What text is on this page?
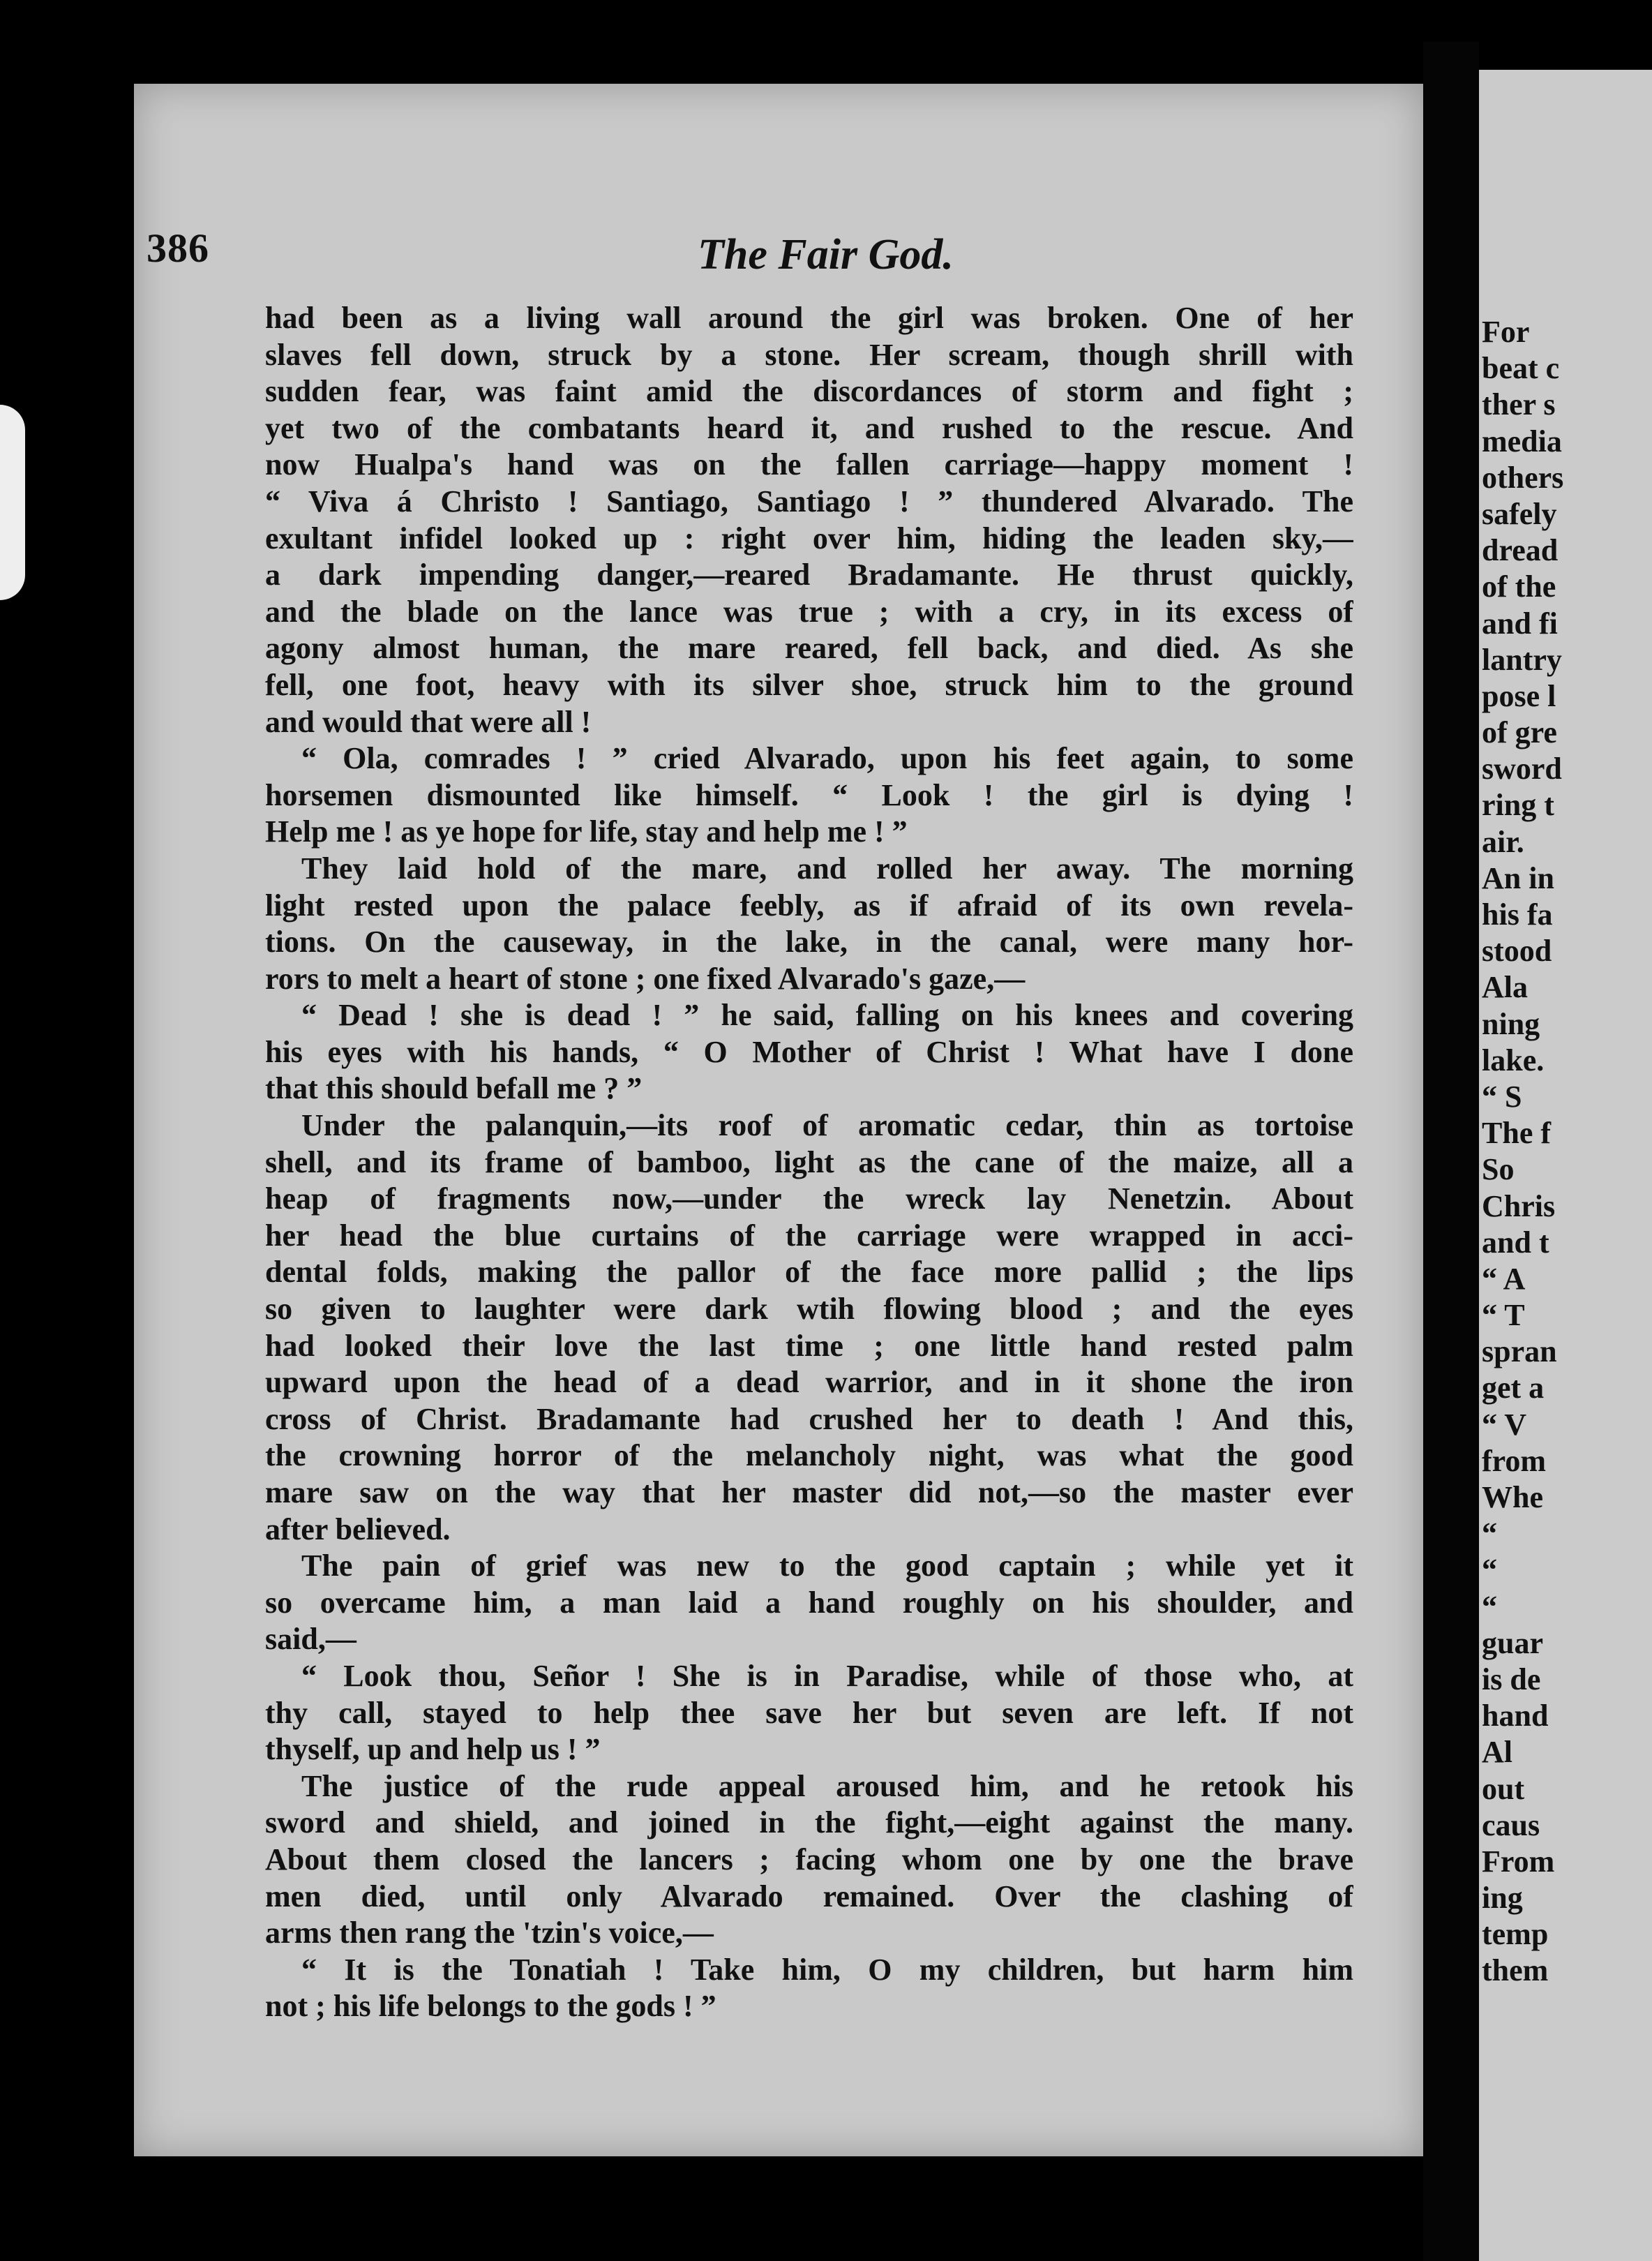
386	The Fair God.
had been as a living wall around the girl was broken. One of her
slaves fell down, struck by a stone. Her scream, though shrill with
sudden fear, was faint amid the discordances of storm and fight ;
yet two of the combatants heard it, and rushed to the rescue. And
now Hualpa's hand was on the fallen carriage—happy moment !
“ Viva á Christo ! Santiago, Santiago ! ” thundered Alvarado. The
exultant infidel looked up : right over him, hiding the leaden sky,—
a dark impending danger,—reared Bradamante. He thrust quickly,
and the blade on the lance was true ; with a cry, in its excess of
agony almost human, the mare reared, fell back, and died. As she
fell, one foot, heavy with its silver shoe, struck him to the ground
and would that were all !
“ Ola, comrades ! ” cried Alvarado, upon his feet again, to some
horsemen dismounted like himself. “ Look ! the girl is dying !
Help me ! as ye hope for life, stay and help me ! ”
They laid hold of the mare, and rolled her away. The morning
light rested upon the palace feebly, as if afraid of its own revela-
tions. On the causeway, in the lake, in the canal, were many hor-
rors to melt a heart of stone ; one fixed Alvarado's gaze,—
“ Dead ! she is dead ! ” he said, falling on his knees and covering
his eyes with his hands, “ O Mother of Christ ! What have I done
that this should befall me ? ”
Under the palanquin,—its roof of aromatic cedar, thin as tortoise
shell, and its frame of bamboo, light as the cane of the maize, all a
heap of fragments now,—under the wreck lay Nenetzin. About
her head the blue curtains of the carriage were wrapped in acci-
dental folds, making the pallor of the face more pallid ; the lips
so given to laughter were dark wtih flowing blood ; and the eyes
had looked their love the last time ; one little hand rested palm
upward upon the head of a dead warrior, and in it shone the iron
cross of Christ. Bradamante had crushed her to death ! And this,
the crowning horror of the melancholy night, was what the good
mare saw on the way that her master did not,—so the master ever
after believed.
The pain of grief was new to the good captain ; while yet it
so overcame him, a man laid a hand roughly on his shoulder, and
said,—
“ Look thou, Señor ! She is in Paradise, while of those who, at
thy call, stayed to help thee save her but seven are left. If not
thyself, up and help us ! ”
The justice of the rude appeal aroused him, and he retook his
sword and shield, and joined in the fight,—eight against the many.
About them closed the lancers ; facing whom one by one the brave
men died, until only Alvarado remained. Over the clashing of
arms then rang the 'tzin's voice,—
“ It is the Tonatiah ! Take him, O my children, but harm him
not ; his life belongs to the gods ! ”
For
beat c
ther s
media
others
safely
dread
of the
and fi
lantry
pose l
of gre
sword
ring t
air.
An in
his fa
stood
Ala
ning
lake.
“ S
The f
So
Chris
and t
“ A
“ T
spran
get a
“ V
from
Whe
“
“
“
guar
is de
hand
Al
out
caus
From
ing
temp
them
